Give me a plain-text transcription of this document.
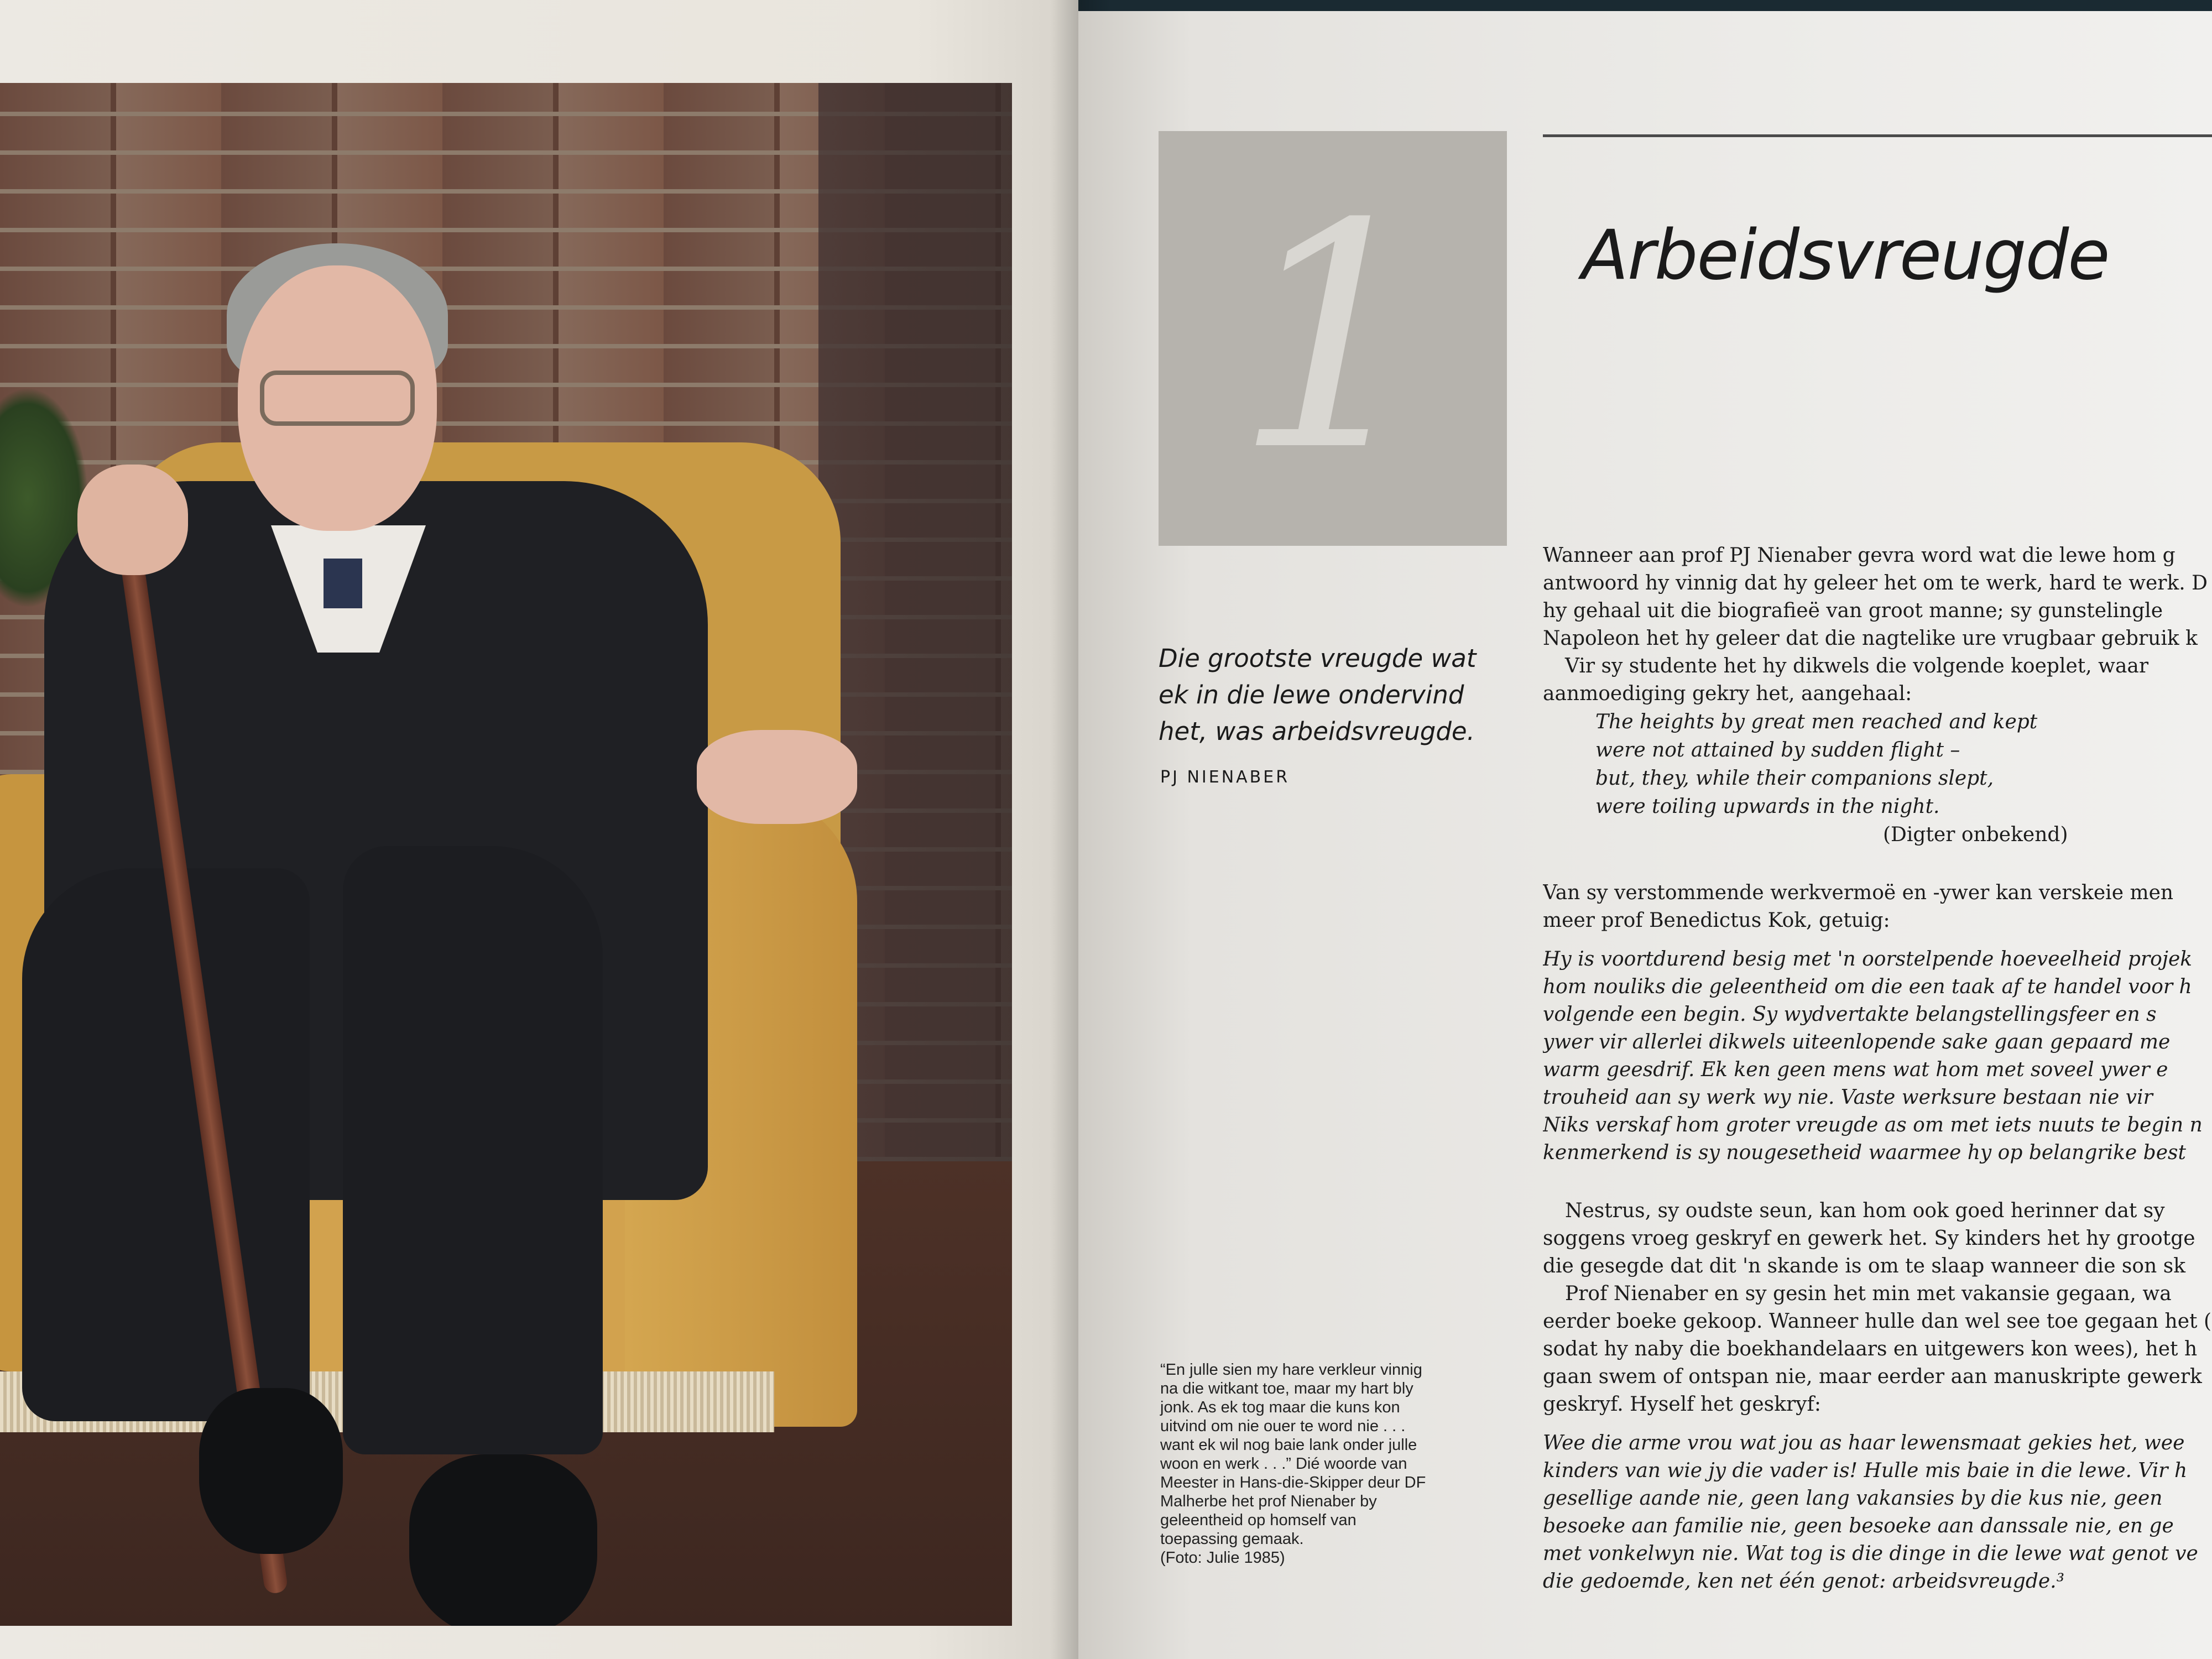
1	Arbeidsvreugde
Die grootste vreugde wat
ek in die lewe ondervind
het, was arbeidsvreugde.
PJ NIENABER

“En julle sien my hare verkleur vinnig

na die witkant toe, maar my hart bly

jonk. As ek tog maar die kuns kon

uitvind om nie ouer te word nie . . .

want ek wil nog baie lank onder julle

woon en werk . . .” Dié woorde van

Meester in Hans-die-Skipper deur DF

Malherbe het prof Nienaber by

geleentheid op homself van

toepassing gemaak.

(Foto: Julie 1985)

Wanneer aan prof PJ Nienaber gevra word wat die lewe hom g

antwoord hy vinnig dat hy geleer het om te werk, hard te werk. D

hy gehaal uit die biografieë van groot manne; sy gunstelingle

Napoleon het hy geleer dat die nagtelike ure vrugbaar gebruik k

Vir sy studente het hy dikwels die volgende koeplet, waar

aanmoediging gekry het, aangehaal:

The heights by great men reached and kept

were not attained by sudden flight –

but, they, while their companions slept,

were toiling upwards in the night.

(Digter onbekend)

Van sy verstommende werkvermoë en -ywer kan verskeie men

meer prof Benedictus Kok, getuig:

Hy is voortdurend besig met 'n oorstelpende hoeveelheid projek

hom nouliks die geleentheid om die een taak af te handel voor h

volgende een begin. Sy wydvertakte belangstellingsfeer en s

ywer vir allerlei dikwels uiteenlopende sake gaan gepaard me

warm geesdrif. Ek ken geen mens wat hom met soveel ywer e

trouheid aan sy werk wy nie. Vaste werksure bestaan nie vir

Niks verskaf hom groter vreugde as om met iets nuuts te begin n

kenmerkend is sy nougesetheid waarmee hy op belangrike best

Nestrus, sy oudste seun, kan hom ook goed herinner dat sy

soggens vroeg geskryf en gewerk het. Sy kinders het hy grootge

die gesegde dat dit 'n skande is om te slaap wanneer die son sk

Prof Nienaber en sy gesin het min met vakansie gegaan, wa

eerder boeke gekoop. Wanneer hulle dan wel see toe gegaan het (

sodat hy naby die boekhandelaars en uitgewers kon wees), het h

gaan swem of ontspan nie, maar eerder aan manuskripte gewerk

geskryf. Hyself het geskryf:

Wee die arme vrou wat jou as haar lewensmaat gekies het, wee

kinders van wie jy die vader is! Hulle mis baie in die lewe. Vir h

gesellige aande nie, geen lang vakansies by die kus nie, geen

besoeke aan familie nie, geen besoeke aan danssale nie, en ge

met vonkelwyn nie. Wat tog is die dinge in die lewe wat genot ve

die gedoemde, ken net één genot: arbeidsvreugde.³
